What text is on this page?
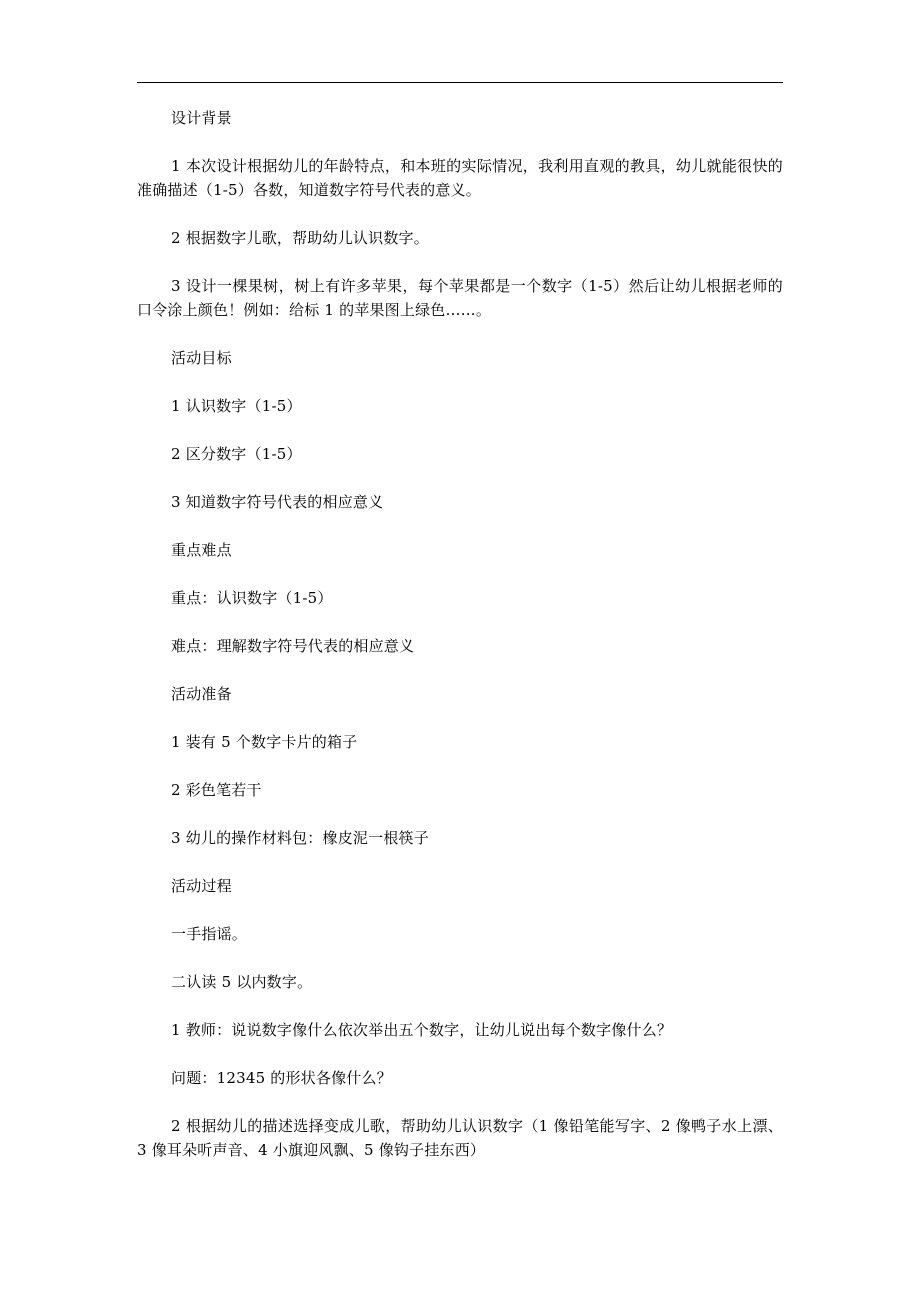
设计背景

1 本次设计根据幼儿的年龄特点，和本班的实际情况，我利用直观的教具，幼儿就能很快的准确描述（1-5）各数，知道数字符号代表的意义。

2 根据数字儿歌，帮助幼儿认识数字。

3 设计一棵果树，树上有许多苹果，每个苹果都是一个数字（1-5）然后让幼儿根据老师的口令涂上颜色！例如：给标 1 的苹果图上绿色……。

活动目标

1 认识数字（1-5）

2 区分数字（1-5）

3 知道数字符号代表的相应意义

重点难点

重点：认识数字（1-5）

难点：理解数字符号代表的相应意义

活动准备

1 装有 5 个数字卡片的箱子

2 彩色笔若干

3 幼儿的操作材料包：橡皮泥一根筷子

活动过程

一手指谣。

二认读 5 以内数字。

1 教师：说说数字像什么依次举出五个数字，让幼儿说出每个数字像什么？

问题：12345 的形状各像什么？

2 根据幼儿的描述选择变成儿歌，帮助幼儿认识数字（1 像铅笔能写字、2 像鸭子水上漂、3 像耳朵听声音、4 小旗迎风飘、5 像钩子挂东西）
